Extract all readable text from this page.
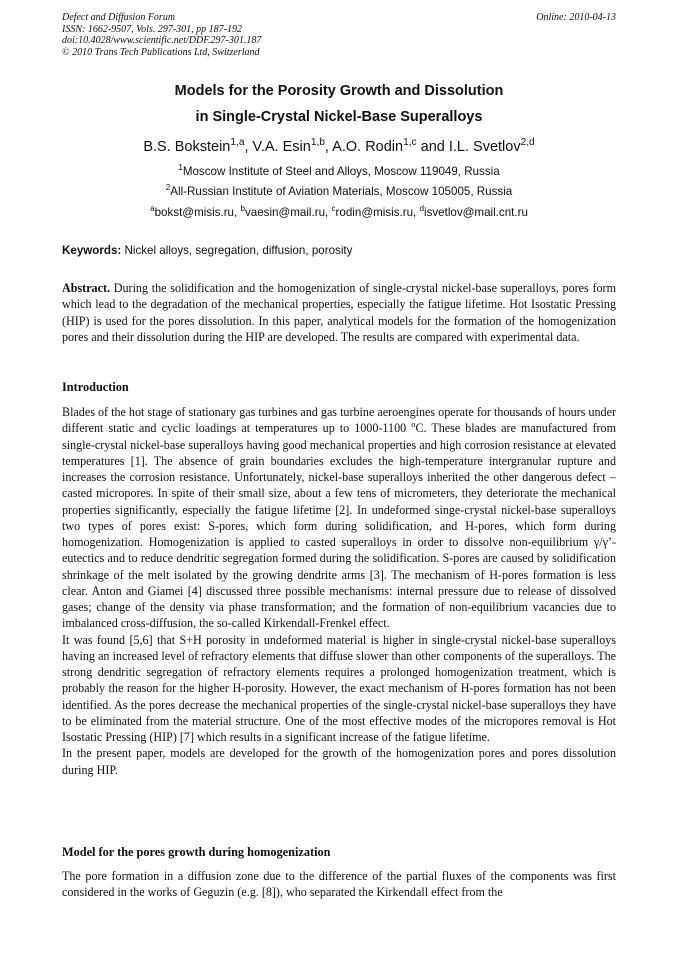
Defect and Diffusion Forum
ISSN: 1662-9507, Vols. 297-301, pp 187-192
doi:10.4028/www.scientific.net/DDF.297-301.187
© 2010 Trans Tech Publications Ltd, Switzerland
Online: 2010-04-13
Models for the Porosity Growth and Dissolution
in Single-Crystal Nickel-Base Superalloys
B.S. Bokstein$^{1,a}$, V.A. Esin$^{1,b}$, A.O. Rodin$^{1,c}$ and I.L. Svetlov$^{2,d}$
$^1$Moscow Institute of Steel and Alloys, Moscow 119049, Russia
$^2$All-Russian Institute of Aviation Materials, Moscow 105005, Russia
$^a$bokst@misis.ru, $^b$vaesin@mail.ru, $^c$rodin@misis.ru, $^d$isvetlov@mail.cnt.ru
Keywords: Nickel alloys, segregation, diffusion, porosity

Abstract. During the solidification and the homogenization of single-crystal nickel-base superalloys, pores form which lead to the degradation of the mechanical properties, especially the fatigue lifetime. Hot Isostatic Pressing (HIP) is used for the pores dissolution. In this paper, analytical models for the formation of the homogenization pores and their dissolution during the HIP are developed. The results are compared with experimental data.

Introduction
Blades of the hot stage of stationary gas turbines and gas turbine aeroengines operate for thousands of hours under different static and cyclic loadings at temperatures up to 1000-1100 $^o$C. These blades are manufactured from single-crystal nickel-base superalloys having good mechanical properties and high corrosion resistance at elevated temperatures [1]. The absence of grain boundaries excludes the high-temperature intergranular rupture and increases the corrosion resistance. Unfortunately, nickel-base superalloys inherited the other dangerous defect – casted micropores. In spite of their small size, about a few tens of micrometers, they deteriorate the mechanical properties significantly, especially the fatigue lifetime [2]. In undeformed singe-crystal nickel-base superalloys two types of pores exist: S-pores, which form during solidification, and H-pores, which form during homogenization. Homogenization is applied to casted superalloys in order to dissolve non-equilibrium γ/γ’-eutectics and to reduce dendritic segregation formed during the solidification. S-pores are caused by solidification shrinkage of the melt isolated by the growing dendrite arms [3]. The mechanism of H-pores formation is less clear. Anton and Giamei [4] discussed three possible mechanisms: internal pressure due to release of dissolved gases; change of the density via phase transformation; and the formation of non-equilibrium vacancies due to imbalanced cross-diffusion, the so-called Kirkendall-Frenkel effect.
It was found [5,6] that S+H porosity in undeformed material is higher in single-crystal nickel-base superalloys having an increased level of refractory elements that diffuse slower than other components of the superalloys. The strong dendritic segregation of refractory elements requires a prolonged homogenization treatment, which is probably the reason for the higher H-porosity. However, the exact mechanism of H-pores formation has not been identified. As the pores decrease the mechanical properties of the single-crystal nickel-base superalloys they have to be eliminated from the material structure. One of the most effective modes of the micropores removal is Hot Isostatic Pressing (HIP) [7] which results in a significant increase of the fatigue lifetime.
In the present paper, models are developed for the growth of the homogenization pores and pores dissolution during HIP.
Model for the pores growth during homogenization

The pore formation in a diffusion zone due to the difference of the partial fluxes of the components was first considered in the works of Geguzin (e.g. [8]), who separated the Kirkendall effect from the
